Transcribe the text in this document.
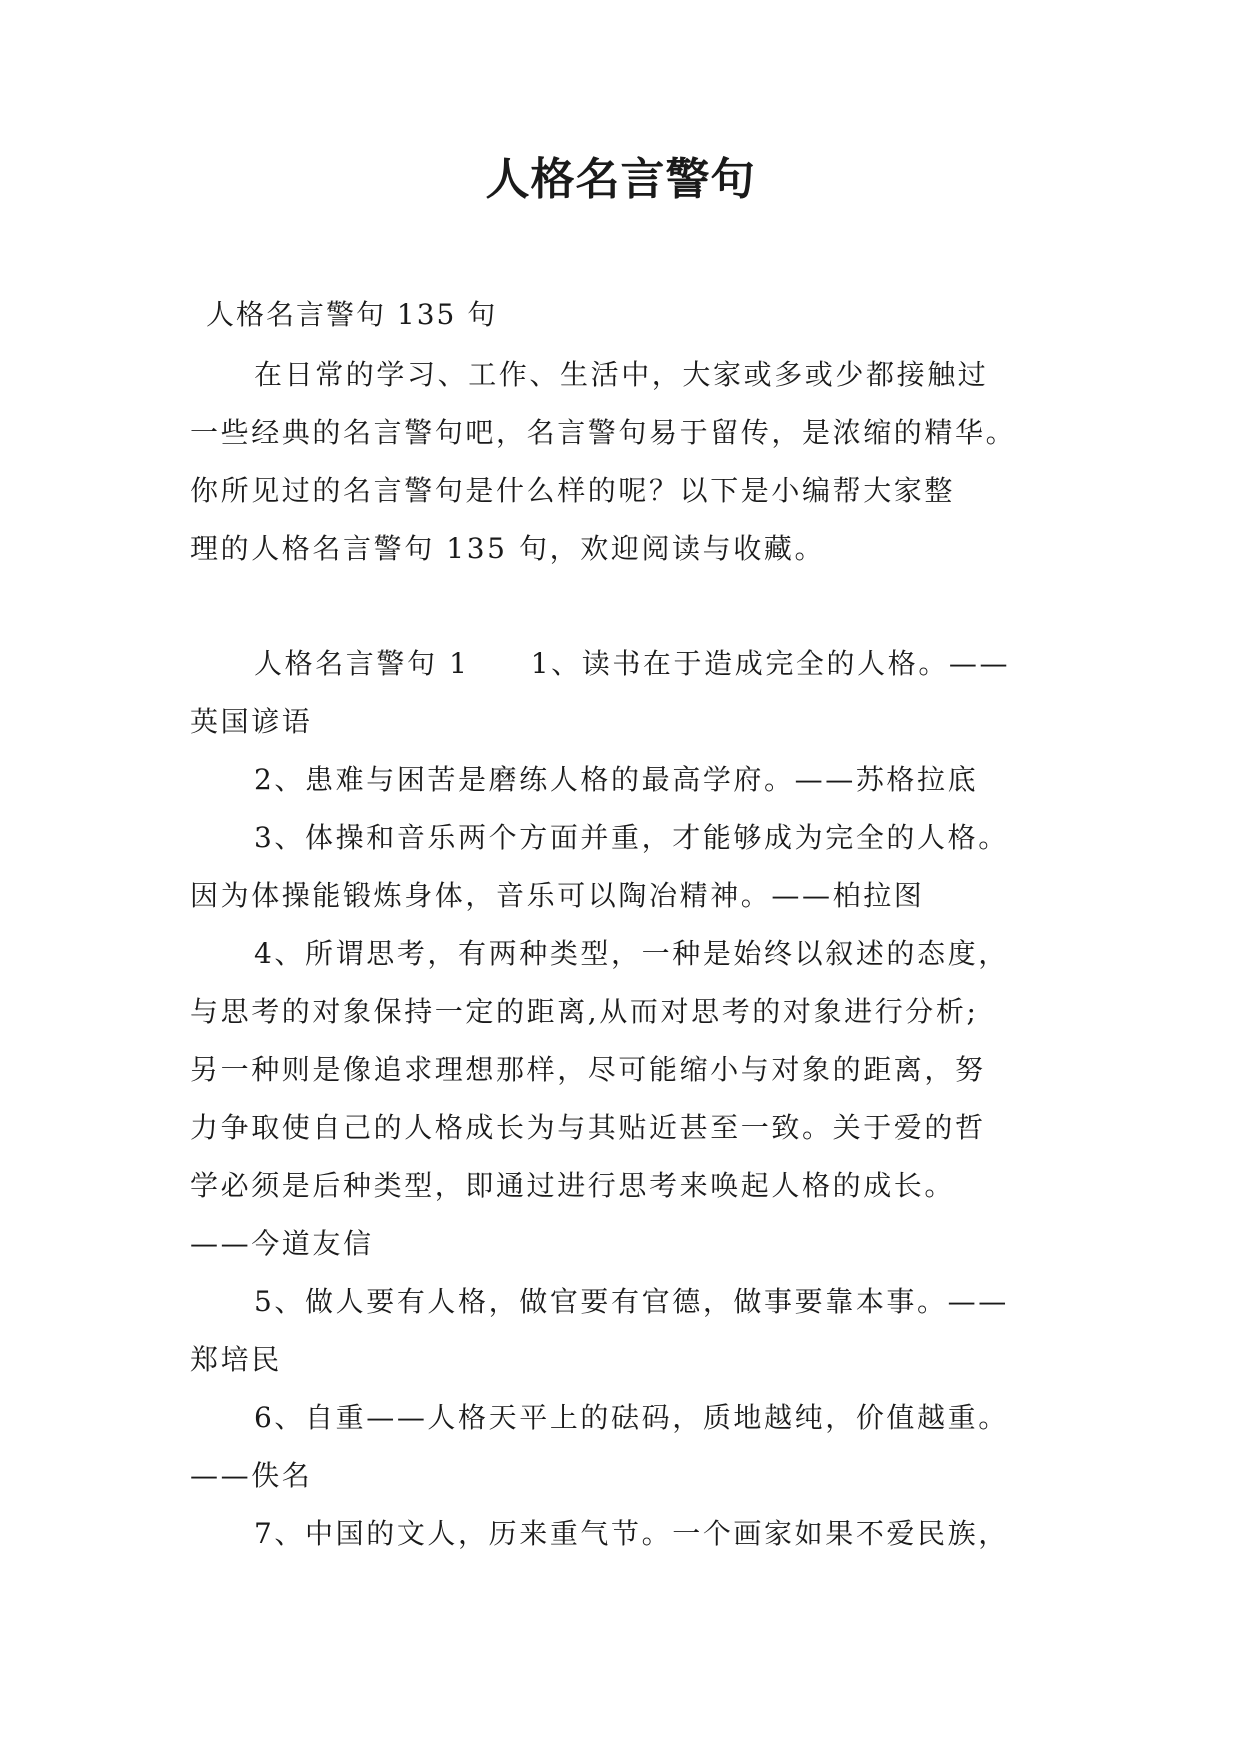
人格名言警句
人格名言警句 135 句
在日常的学习、工作、生活中，大家或多或少都接触过
一些经典的名言警句吧，名言警句易于留传，是浓缩的精华。
你所见过的名言警句是什么样的呢？以下是小编帮大家整
理的人格名言警句 135 句，欢迎阅读与收藏。
人格名言警句 1　　1、读书在于造成完全的人格。——
英国谚语
2、患难与困苦是磨练人格的最高学府。——苏格拉底
3、体操和音乐两个方面并重，才能够成为完全的人格。
因为体操能锻炼身体，音乐可以陶冶精神。——柏拉图
4、所谓思考，有两种类型，一种是始终以叙述的态度，
与思考的对象保持一定的距离,从而对思考的对象进行分析;
另一种则是像追求理想那样，尽可能缩小与对象的距离，努
力争取使自己的人格成长为与其贴近甚至一致。关于爱的哲
学必须是后种类型，即通过进行思考来唤起人格的成长。
——今道友信
5、做人要有人格，做官要有官德，做事要靠本事。——
郑培民
6、自重——人格天平上的砝码，质地越纯，价值越重。
——佚名
7、中国的文人，历来重气节。一个画家如果不爱民族，
